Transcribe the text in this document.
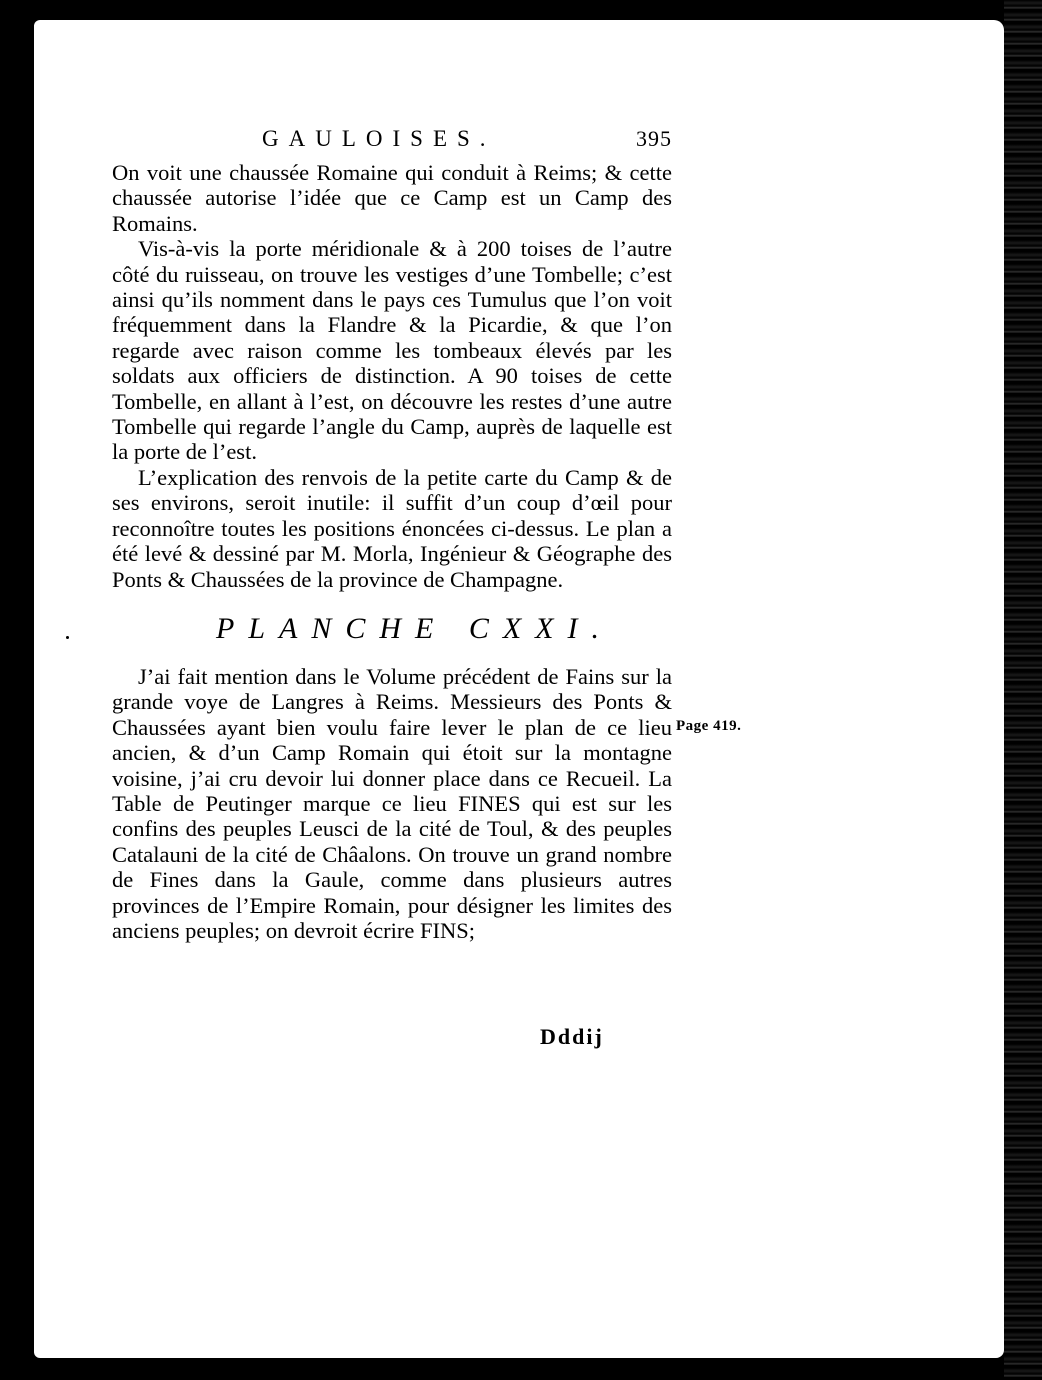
GAULOISES.	395

On voit une chaussée Romaine qui conduit à Reims; & cette chaussée autorise l’idée que ce Camp est un Camp des Romains.

Vis-à-vis la porte méridionale & à 200 toises de l’autre côté du ruisseau, on trouve les vestiges d’une Tombelle; c’est ainsi qu’ils nomment dans le pays ces Tumulus que l’on voit fréquemment dans la Flandre & la Picardie, & que l’on regarde avec raison comme les tombeaux élevés par les soldats aux officiers de distinction. A 90 toises de cette Tombelle, en allant à l’est, on découvre les restes d’une autre Tombelle qui regarde l’angle du Camp, auprès de laquelle est la porte de l’est.

L’explication des renvois de la petite carte du Camp & de ses environs, seroit inutile: il suffit d’un coup d’œil pour reconnoître toutes les positions énoncées ci-dessus. Le plan a été levé & dessiné par M. Morla, Ingénieur & Géographe des Ponts & Chaussées de la province de Champagne.

PLANCHE CXXI.

J’ai fait mention dans le Volume précédent de Fains sur la grande voye de Langres à Reims. Messieurs des Ponts & Chaussées ayant bien voulu faire lever le plan de ce lieu ancien, & d’un Camp Romain qui étoit sur la montagne voisine, j’ai cru devoir lui donner place dans ce Recueil. La Table de Peutinger marque ce lieu FINES qui est sur les confins des peuples Leusci de la cité de Toul, & des peuples Catalauni de la cité de Châalons. On trouve un grand nombre de Fines dans la Gaule, comme dans plusieurs autres provinces de l’Empire Romain, pour désigner les limites des anciens peuples; on devroit écrire FINS;

Page 419.
Dddij
